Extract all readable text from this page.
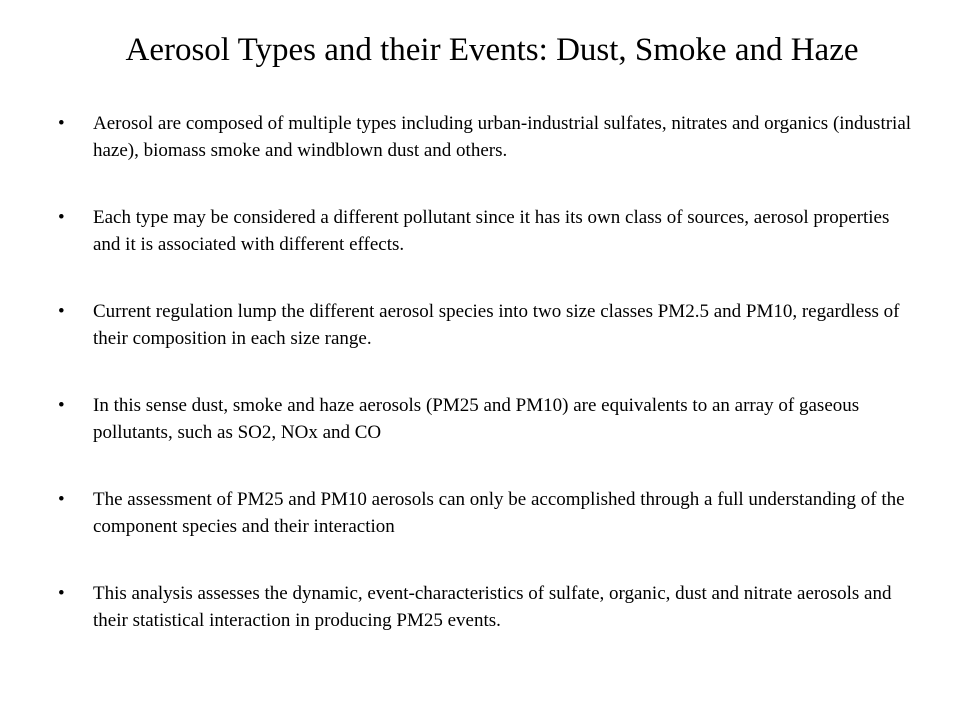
Aerosol Types and their Events: Dust, Smoke and Haze
•	Aerosol are composed of multiple types including urban-industrial sulfates, nitrates and organics (industrial haze), biomass smoke and windblown dust and others.
•	Each type may be considered a different pollutant since it has its own class of sources, aerosol properties and it is associated with different effects.
•	Current regulation lump the different aerosol species into two size classes PM2.5 and PM10, regardless of their composition in each size range.
•	In this sense dust, smoke and haze aerosols (PM25 and PM10) are equivalents to an array of gaseous pollutants, such as SO2, NOx and CO
•	The assessment of PM25 and PM10 aerosols can only be accomplished through a full understanding of the component species and their interaction
•	This analysis assesses the dynamic, event-characteristics of sulfate, organic, dust and nitrate aerosols and their statistical interaction in producing PM25 events.
